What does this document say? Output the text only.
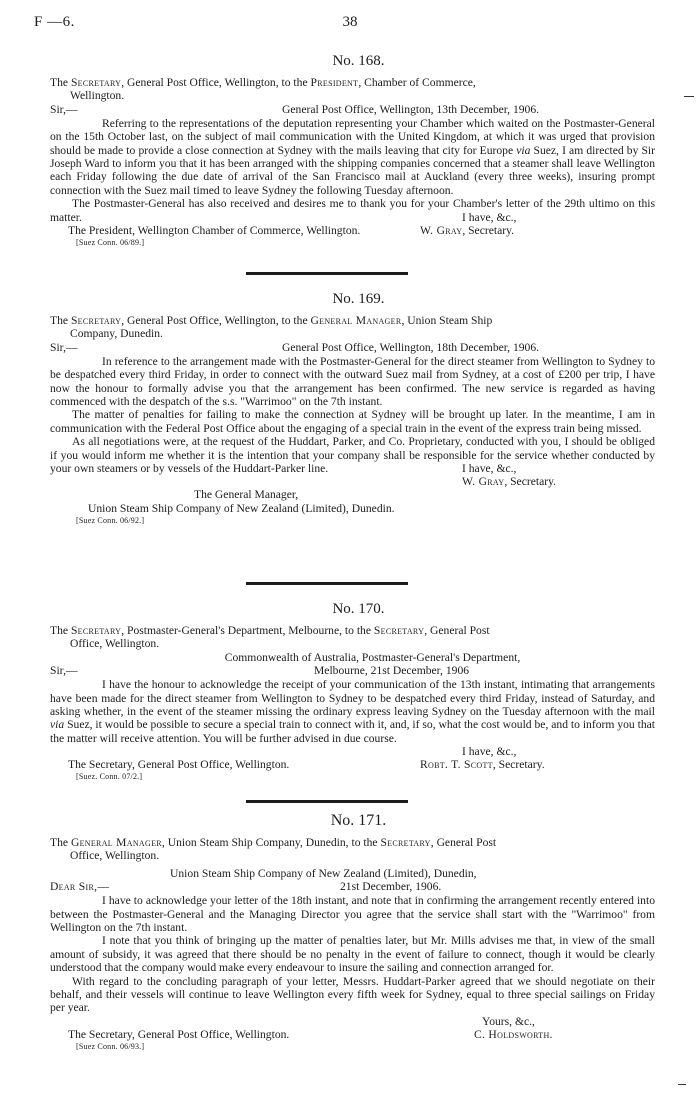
F —6.	38
No. 168.
The Secretary, General Post Office, Wellington, to the President, Chamber of Commerce,
Wellington.
Sir,—	General Post Office, Wellington, 13th December, 1906.

Referring to the representations of the deputation representing your Chamber which waited on the Postmaster-General on the 15th October last, on the subject of mail communication with the United Kingdom, at which it was urged that provision should be made to provide a close connection at Sydney with the mails leaving that city for Europe via Suez, I am directed by Sir Joseph Ward to inform you that it has been arranged with the shipping companies concerned that a steamer shall leave Wellington each Friday following the due date of arrival of the San Francisco mail at Auckland (every three weeks), insuring prompt connection with the Suez mail timed to leave Sydney the following Tuesday afternoon.

The Postmaster-General has also received and desires me to thank you for your Chamber's letter of the 29th ultimo on this matter.	I have, &c.,
The President, Wellington Chamber of Commerce, Wellington.	W. Gray, Secretary.
[Suez Conn. 06/89.]
No. 169.
The Secretary, General Post Office, Wellington, to the General Manager, Union Steam Ship
Company, Dunedin.
Sir,—	General Post Office, Wellington, 18th December, 1906.

In reference to the arrangement made with the Postmaster-General for the direct steamer from Wellington to Sydney to be despatched every third Friday, in order to connect with the outward Suez mail from Sydney, at a cost of £200 per trip, I have now the honour to formally advise you that the arrangement has been confirmed. The new service is regarded as having commenced with the despatch of the s.s. "Warrimoo" on the 7th instant.

The matter of penalties for failing to make the connection at Sydney will be brought up later. In the meantime, I am in communication with the Federal Post Office about the engaging of a special train in the event of the express train being missed.

As all negotiations were, at the request of the Huddart, Parker, and Co. Proprietary, conducted with you, I should be obliged if you would inform me whether it is the intention that your company shall be responsible for the service whether conducted by your own steamers or by vessels of the Huddart-Parker line.	I have, &c.,
W. Gray, Secretary.
The General Manager,
Union Steam Ship Company of New Zealand (Limited), Dunedin.
[Suez Conn. 06/92.]
No. 170.
The Secretary, Postmaster-General's Department, Melbourne, to the Secretary, General Post
Office, Wellington.
Commonwealth of Australia, Postmaster-General's Department,
Sir,—	Melbourne, 21st December, 1906

I have the honour to acknowledge the receipt of your communication of the 13th instant, intimating that arrangements have been made for the direct steamer from Wellington to Sydney to be despatched every third Friday, instead of Saturday, and asking whether, in the event of the steamer missing the ordinary express leaving Sydney on the Tuesday afternoon with the mail via Suez, it would be possible to secure a special train to connect with it, and, if so, what the cost would be, and to inform you that the matter will receive attention. You will be further advised in due course.

I have, &c.,
The Secretary, General Post Office, Wellington.	Robt. T. Scott, Secretary.
[Suez. Conn. 07/2.]
No. 171.
The General Manager, Union Steam Ship Company, Dunedin, to the Secretary, General Post
Office, Wellington.
Union Steam Ship Company of New Zealand (Limited), Dunedin,
Dear Sir,—	21st December, 1906.

I have to acknowledge your letter of the 18th instant, and note that in confirming the arrangement recently entered into between the Postmaster-General and the Managing Director you agree that the service shall start with the "Warrimoo" from Wellington on the 7th instant.

I note that you think of bringing up the matter of penalties later, but Mr. Mills advises me that, in view of the small amount of subsidy, it was agreed that there should be no penalty in the event of failure to connect, though it would be clearly understood that the company would make every endeavour to insure the sailing and connection arranged for.

With regard to the concluding paragraph of your letter, Messrs. Huddart-Parker agreed that we should negotiate on their behalf, and their vessels will continue to leave Wellington every fifth week for Sydney, equal to three special sailings on Friday per year.

Yours, &c.,
The Secretary, General Post Office, Wellington.	C. Holdsworth.
[Suez Conn. 06/93.]
